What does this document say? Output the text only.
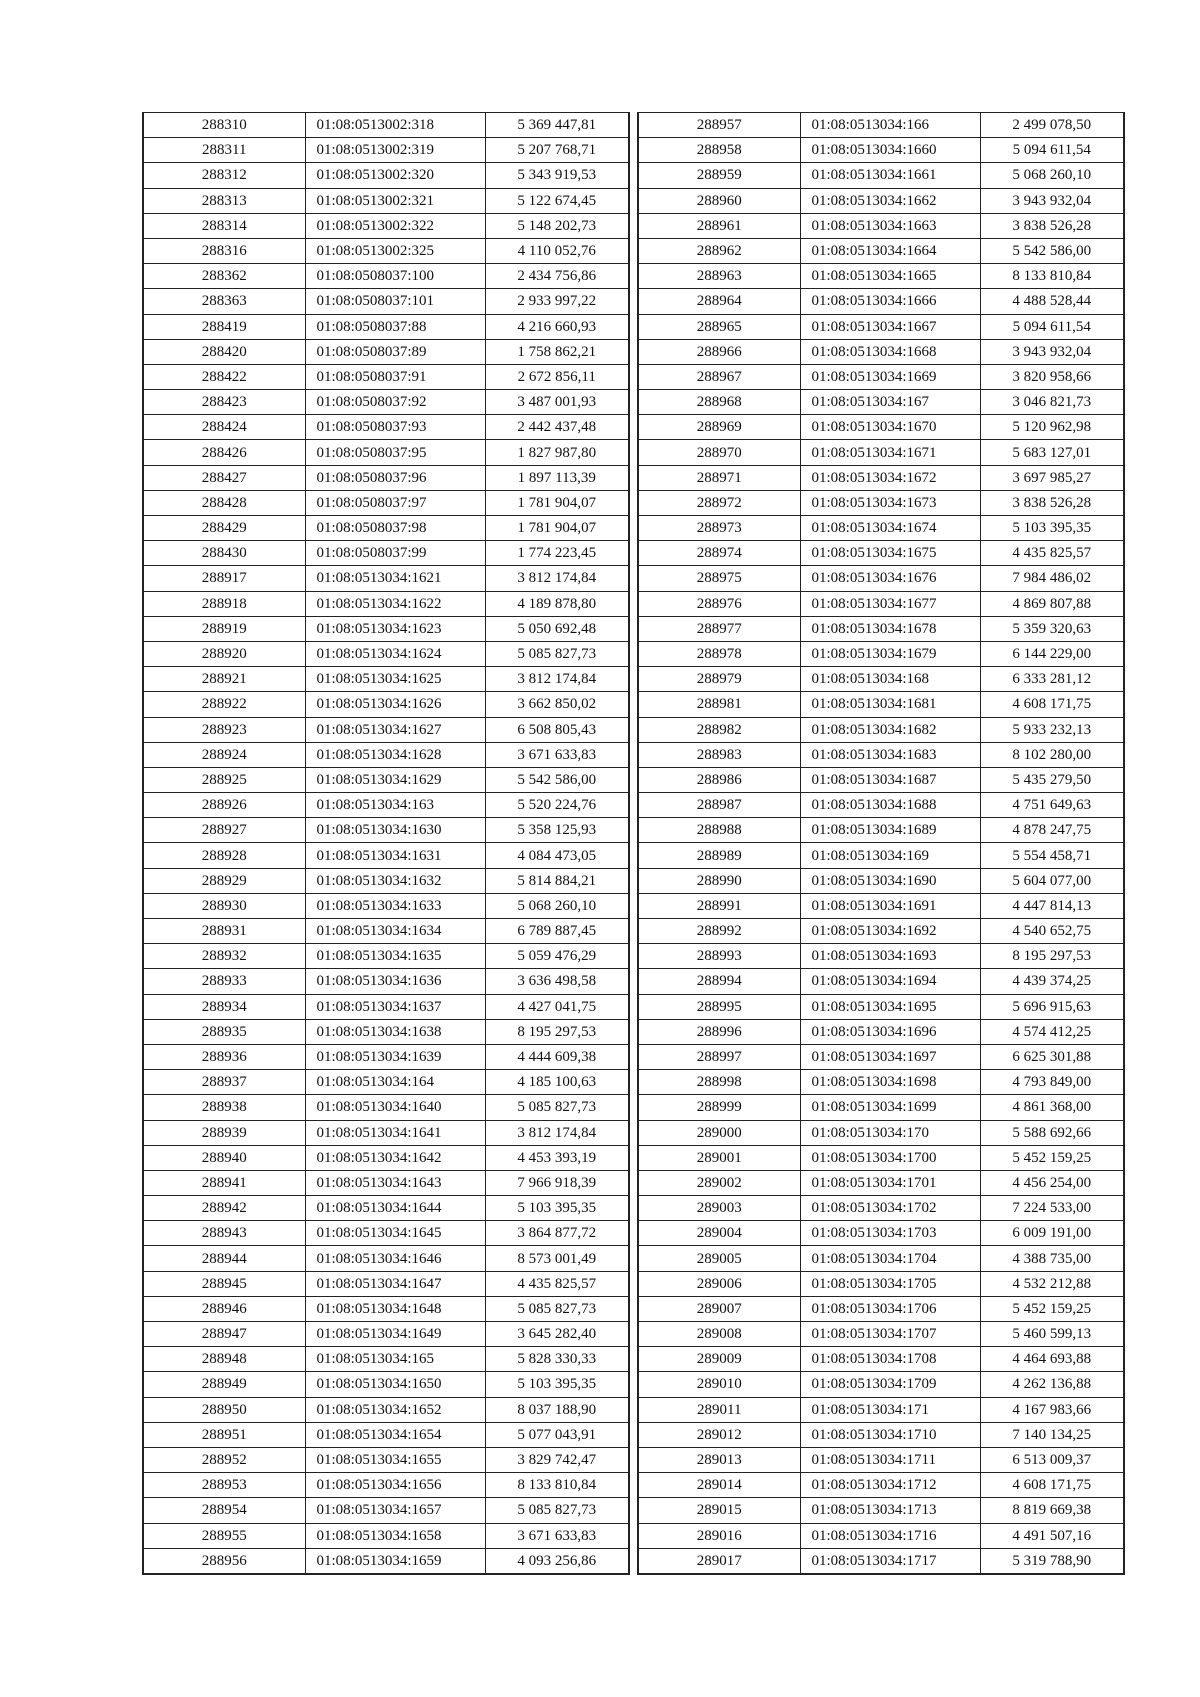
288310	01:08:0513002:318	5 369 447,81
288311	01:08:0513002:319	5 207 768,71
288312	01:08:0513002:320	5 343 919,53
288313	01:08:0513002:321	5 122 674,45
288314	01:08:0513002:322	5 148 202,73
288316	01:08:0513002:325	4 110 052,76
288362	01:08:0508037:100	2 434 756,86
288363	01:08:0508037:101	2 933 997,22
288419	01:08:0508037:88	4 216 660,93
288420	01:08:0508037:89	1 758 862,21
288422	01:08:0508037:91	2 672 856,11
288423	01:08:0508037:92	3 487 001,93
288424	01:08:0508037:93	2 442 437,48
288426	01:08:0508037:95	1 827 987,80
288427	01:08:0508037:96	1 897 113,39
288428	01:08:0508037:97	1 781 904,07
288429	01:08:0508037:98	1 781 904,07
288430	01:08:0508037:99	1 774 223,45
288917	01:08:0513034:1621	3 812 174,84
288918	01:08:0513034:1622	4 189 878,80
288919	01:08:0513034:1623	5 050 692,48
288920	01:08:0513034:1624	5 085 827,73
288921	01:08:0513034:1625	3 812 174,84
288922	01:08:0513034:1626	3 662 850,02
288923	01:08:0513034:1627	6 508 805,43
288924	01:08:0513034:1628	3 671 633,83
288925	01:08:0513034:1629	5 542 586,00
288926	01:08:0513034:163	5 520 224,76
288927	01:08:0513034:1630	5 358 125,93
288928	01:08:0513034:1631	4 084 473,05
288929	01:08:0513034:1632	5 814 884,21
288930	01:08:0513034:1633	5 068 260,10
288931	01:08:0513034:1634	6 789 887,45
288932	01:08:0513034:1635	5 059 476,29
288933	01:08:0513034:1636	3 636 498,58
288934	01:08:0513034:1637	4 427 041,75
288935	01:08:0513034:1638	8 195 297,53
288936	01:08:0513034:1639	4 444 609,38
288937	01:08:0513034:164	4 185 100,63
288938	01:08:0513034:1640	5 085 827,73
288939	01:08:0513034:1641	3 812 174,84
288940	01:08:0513034:1642	4 453 393,19
288941	01:08:0513034:1643	7 966 918,39
288942	01:08:0513034:1644	5 103 395,35
288943	01:08:0513034:1645	3 864 877,72
288944	01:08:0513034:1646	8 573 001,49
288945	01:08:0513034:1647	4 435 825,57
288946	01:08:0513034:1648	5 085 827,73
288947	01:08:0513034:1649	3 645 282,40
288948	01:08:0513034:165	5 828 330,33
288949	01:08:0513034:1650	5 103 395,35
288950	01:08:0513034:1652	8 037 188,90
288951	01:08:0513034:1654	5 077 043,91
288952	01:08:0513034:1655	3 829 742,47
288953	01:08:0513034:1656	8 133 810,84
288954	01:08:0513034:1657	5 085 827,73
288955	01:08:0513034:1658	3 671 633,83
288956	01:08:0513034:1659	4 093 256,86
288957	01:08:0513034:166	2 499 078,50
288958	01:08:0513034:1660	5 094 611,54
288959	01:08:0513034:1661	5 068 260,10
288960	01:08:0513034:1662	3 943 932,04
288961	01:08:0513034:1663	3 838 526,28
288962	01:08:0513034:1664	5 542 586,00
288963	01:08:0513034:1665	8 133 810,84
288964	01:08:0513034:1666	4 488 528,44
288965	01:08:0513034:1667	5 094 611,54
288966	01:08:0513034:1668	3 943 932,04
288967	01:08:0513034:1669	3 820 958,66
288968	01:08:0513034:167	3 046 821,73
288969	01:08:0513034:1670	5 120 962,98
288970	01:08:0513034:1671	5 683 127,01
288971	01:08:0513034:1672	3 697 985,27
288972	01:08:0513034:1673	3 838 526,28
288973	01:08:0513034:1674	5 103 395,35
288974	01:08:0513034:1675	4 435 825,57
288975	01:08:0513034:1676	7 984 486,02
288976	01:08:0513034:1677	4 869 807,88
288977	01:08:0513034:1678	5 359 320,63
288978	01:08:0513034:1679	6 144 229,00
288979	01:08:0513034:168	6 333 281,12
288981	01:08:0513034:1681	4 608 171,75
288982	01:08:0513034:1682	5 933 232,13
288983	01:08:0513034:1683	8 102 280,00
288986	01:08:0513034:1687	5 435 279,50
288987	01:08:0513034:1688	4 751 649,63
288988	01:08:0513034:1689	4 878 247,75
288989	01:08:0513034:169	5 554 458,71
288990	01:08:0513034:1690	5 604 077,00
288991	01:08:0513034:1691	4 447 814,13
288992	01:08:0513034:1692	4 540 652,75
288993	01:08:0513034:1693	8 195 297,53
288994	01:08:0513034:1694	4 439 374,25
288995	01:08:0513034:1695	5 696 915,63
288996	01:08:0513034:1696	4 574 412,25
288997	01:08:0513034:1697	6 625 301,88
288998	01:08:0513034:1698	4 793 849,00
288999	01:08:0513034:1699	4 861 368,00
289000	01:08:0513034:170	5 588 692,66
289001	01:08:0513034:1700	5 452 159,25
289002	01:08:0513034:1701	4 456 254,00
289003	01:08:0513034:1702	7 224 533,00
289004	01:08:0513034:1703	6 009 191,00
289005	01:08:0513034:1704	4 388 735,00
289006	01:08:0513034:1705	4 532 212,88
289007	01:08:0513034:1706	5 452 159,25
289008	01:08:0513034:1707	5 460 599,13
289009	01:08:0513034:1708	4 464 693,88
289010	01:08:0513034:1709	4 262 136,88
289011	01:08:0513034:171	4 167 983,66
289012	01:08:0513034:1710	7 140 134,25
289013	01:08:0513034:1711	6 513 009,37
289014	01:08:0513034:1712	4 608 171,75
289015	01:08:0513034:1713	8 819 669,38
289016	01:08:0513034:1716	4 491 507,16
289017	01:08:0513034:1717	5 319 788,90
